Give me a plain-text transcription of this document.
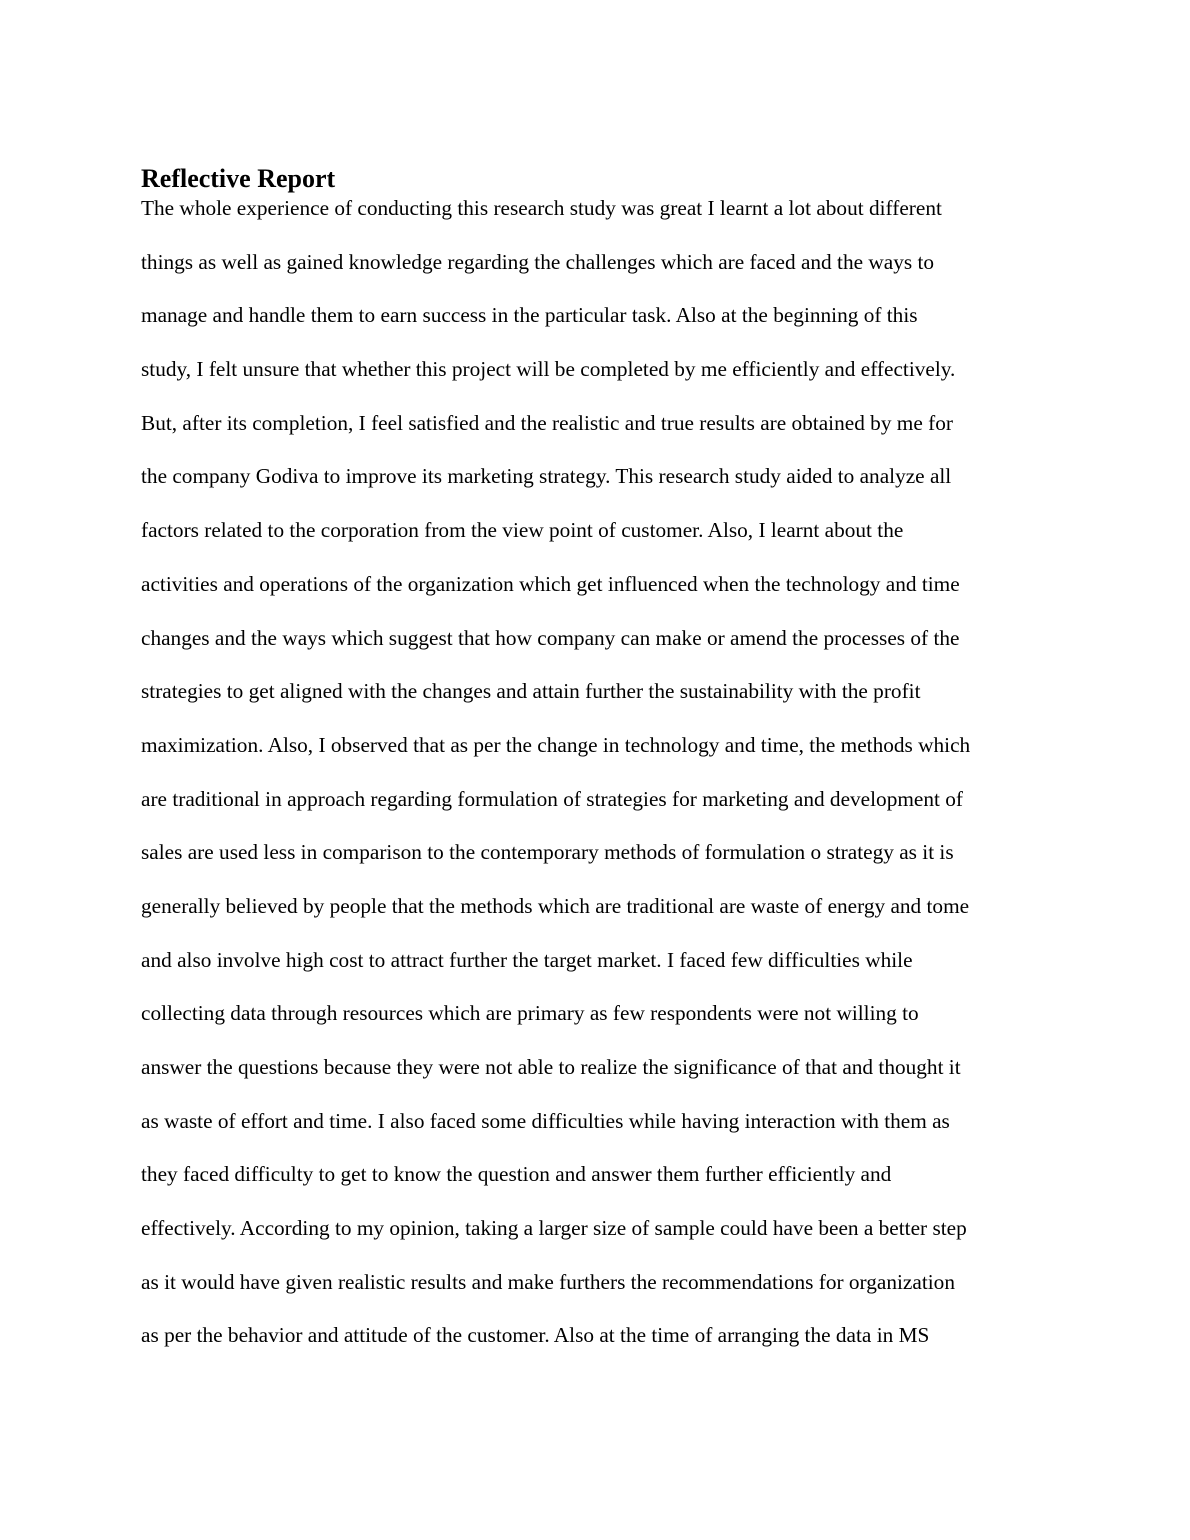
Reflective Report
The whole experience of conducting this research study was great I learnt a lot about different
things as well as gained knowledge regarding the challenges which are faced and the ways to
manage and handle them to earn success in the particular task. Also at the beginning of this
study, I felt unsure that whether this project will be completed by me efficiently and effectively.
But, after its completion, I feel satisfied and the realistic and true results are obtained by me for
the company Godiva to improve its marketing strategy. This research study aided to analyze all
factors related to the corporation from the view point of customer. Also, I learnt about the
activities and operations of the organization which get influenced when the technology and time
changes and the ways which suggest that how company can make or amend the processes of the
strategies to get aligned with the changes and attain further the sustainability with the profit
maximization. Also, I observed that as per the change in technology and time, the methods which
are traditional in approach regarding formulation of strategies for marketing and development of
sales are used less in comparison to the contemporary methods of formulation o strategy as it is
generally believed by people that the methods which are traditional are waste of energy and tome
and also involve high cost to attract further the target market. I faced few difficulties while
collecting data through resources which are primary as few respondents were not willing to
answer the questions because they were not able to realize the significance of that and thought it
as waste of effort and time. I also faced some difficulties while having interaction with them as
they faced difficulty to get to know the question and answer them further efficiently and
effectively. According to my opinion, taking a larger size of sample could have been a better step
as it would have given realistic results and make furthers the recommendations for organization
as per the behavior and attitude of the customer. Also at the time of arranging the data in MS
